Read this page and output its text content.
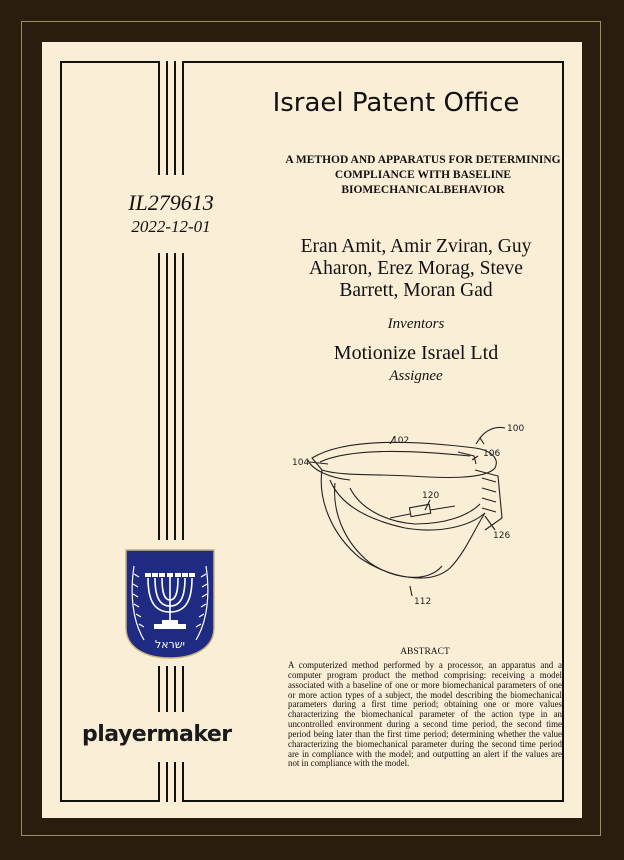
Israel Patent Office
A METHOD AND APPARATUS FOR DETERMINING COMPLIANCE WITH BASELINE BIOMECHANICALBEHAVIOR
IL279613
2022-12-01
Eran Amit, Amir Zviran, Guy Aharon, Erez Morag, Steve Barrett, Moran Gad
Inventors
Motionize Israel Ltd
Assignee
100
102
104
106
120
126
112
ישראל
playermaker
ABSTRACT
A computerized method performed by a processor, an apparatus and a computer program product the method comprising: receiving a model associated with a baseline of one or more biomechanical parameters of one or more action types of a subject, the model describing the biomechanical parameters during a first time period; obtaining one or more values characterizing the biomechanical parameter of the action type in an uncontrolled environment during a second time period, the second time period being later than the first time period; determining whether the value characterizing the biomechanical parameter during the second time period are in compliance with the model; and outputting an alert if the values are not in compliance with the model.
